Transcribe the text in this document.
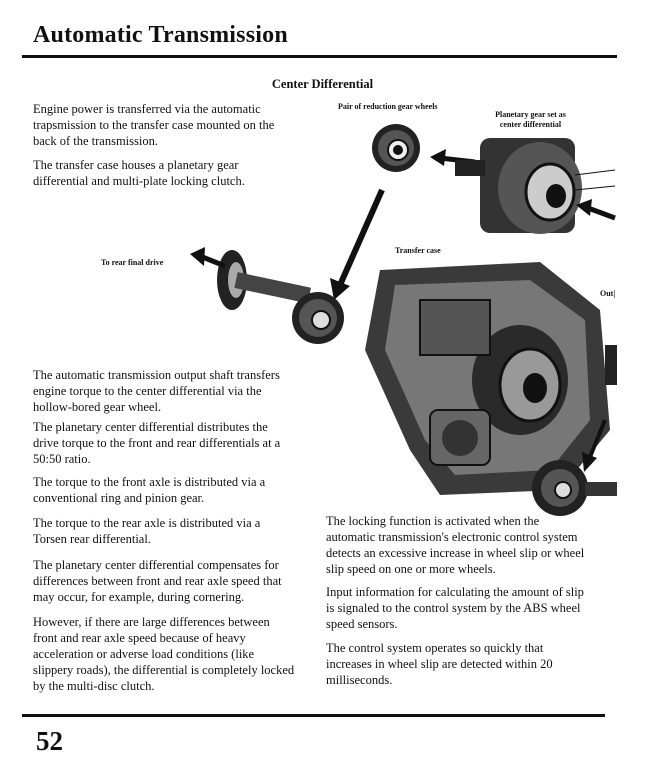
Automatic Transmission
Center Differential

Engine power is transferred via the automatic trapsmission to the transfer case mounted on the back of the transmission.

The transfer case houses a planetary gear differential and multi-plate locking clutch.

The automatic transmission output shaft transfers engine torque to the center differential via the hollow-bored gear wheel.

The planetary center differential distributes the drive torque to the front and rear differentials at a 50:50 ratio.

The torque to the front axle is distributed via a conventional ring and pinion gear.

The torque to the rear axle is distributed via a Torsen rear differential.

The planetary center differential compensates for differences between front and rear axle speed that may occur, for example, during cornering.

However, if there are large differences between front and rear axle speed because of heavy acceleration or adverse load conditions (like slippery roads), the differential is completely locked by the multi-disc clutch.

The locking function is activated when the automatic transmission's electronic control system detects an excessive increase in wheel slip or wheel slip speed on one or more wheels.

Input information for calculating the amount of slip is signaled to the control system by the ABS wheel speed sensors.

The control system operates so quickly that increases in wheel slip are detected within 20 milliseconds.

Pair of reduction gear wheels

Planetary gear set as center differential

Transfer case

To rear final drive

Out|

52
